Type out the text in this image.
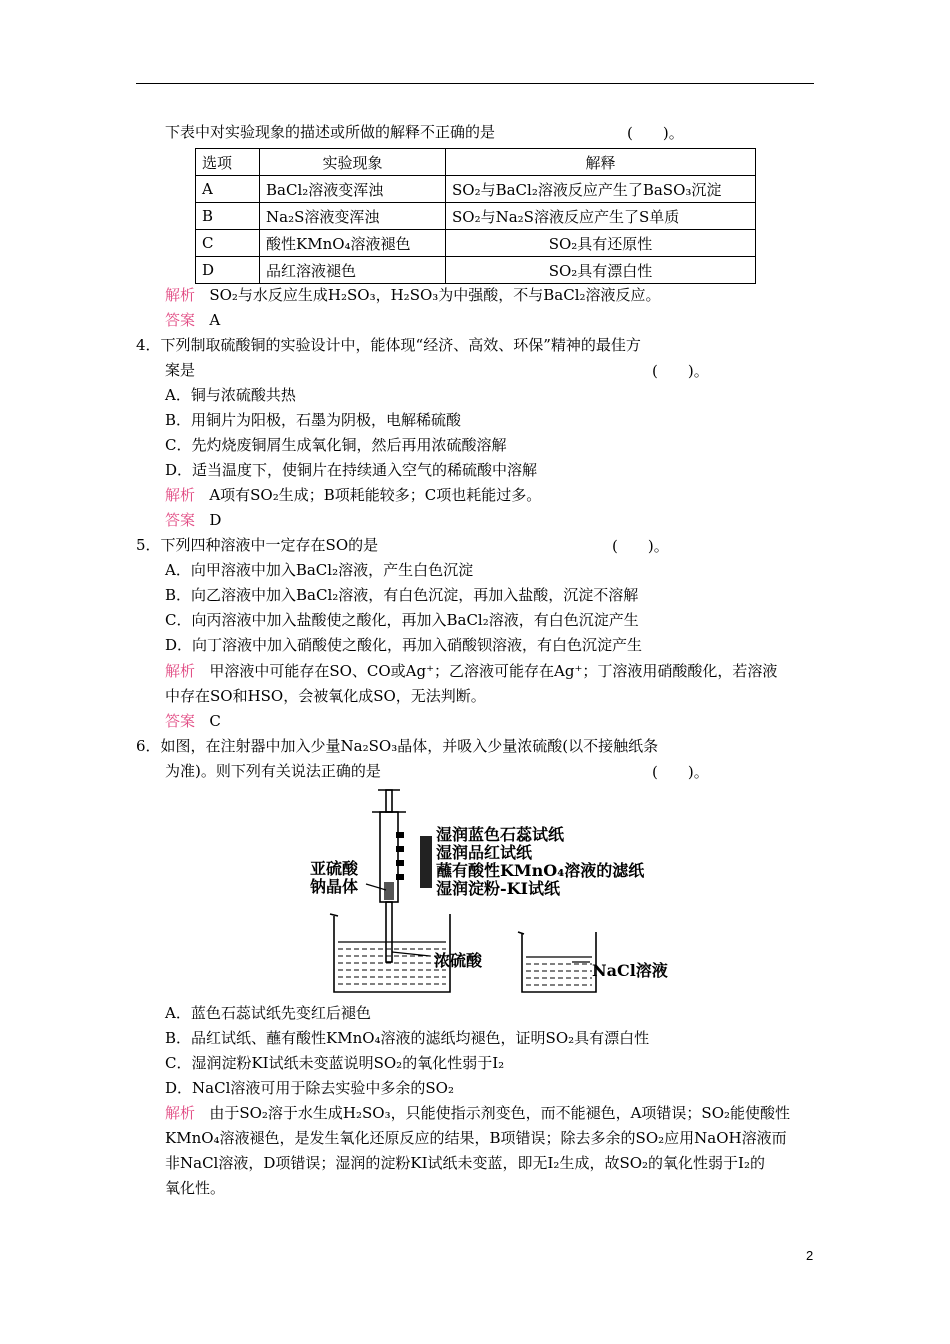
下表中对实验现象的描述或所做的解释不正确的是	(　　)。
选项	实验现象	解释
A	BaCl₂溶液变浑浊	SO₂与BaCl₂溶液反应产生了BaSO₃沉淀
B	Na₂S溶液变浑浊	SO₂与Na₂S溶液反应产生了S单质
C	酸性KMnO₄溶液褪色	SO₂具有还原性
D	品红溶液褪色	SO₂具有漂白性
解析 SO₂与水反应生成H₂SO₃，H₂SO₃为中强酸，不与BaCl₂溶液反应。
答案 A
4．下列制取硫酸铜的实验设计中，能体现“经济、高效、环保”精神的最佳方
案是	(　　)。
A．铜与浓硫酸共热
B．用铜片为阳极，石墨为阴极，电解稀硫酸
C．先灼烧废铜屑生成氧化铜，然后再用浓硫酸溶解
D．适当温度下，使铜片在持续通入空气的稀硫酸中溶解
解析 A项有SO₂生成；B项耗能较多；C项也耗能过多。
答案 D
5．下列四种溶液中一定存在SO的是	(　　)。
A．向甲溶液中加入BaCl₂溶液，产生白色沉淀
B．向乙溶液中加入BaCl₂溶液，有白色沉淀，再加入盐酸，沉淀不溶解
C．向丙溶液中加入盐酸使之酸化，再加入BaCl₂溶液，有白色沉淀产生
D．向丁溶液中加入硝酸使之酸化，再加入硝酸钡溶液，有白色沉淀产生
解析 甲溶液中可能存在SO、CO或Ag⁺；乙溶液可能存在Ag⁺；丁溶液用硝酸酸化，若溶液
中存在SO和HSO，会被氧化成SO，无法判断。
答案 C
6．如图，在注射器中加入少量Na₂SO₃晶体，并吸入少量浓硫酸(以不接触纸条
为准)。则下列有关说法正确的是	(　　)。
湿润蓝色石蕊试纸
湿润品红试纸
蘸有酸性KMnO₄溶液的滤纸
湿润淀粉-KI试纸
亚硫酸
钠晶体
浓硫酸
NaCl溶液
A．蓝色石蕊试纸先变红后褪色
B．品红试纸、蘸有酸性KMnO₄溶液的滤纸均褪色，证明SO₂具有漂白性
C．湿润淀粉KI试纸未变蓝说明SO₂的氧化性弱于I₂
D．NaCl溶液可用于除去实验中多余的SO₂
解析 由于SO₂溶于水生成H₂SO₃，只能使指示剂变色，而不能褪色，A项错误；SO₂能使酸性
KMnO₄溶液褪色，是发生氧化还原反应的结果，B项错误；除去多余的SO₂应用NaOH溶液而
非NaCl溶液，D项错误；湿润的淀粉KI试纸未变蓝，即无I₂生成，故SO₂的氧化性弱于I₂的
氧化性。
2
